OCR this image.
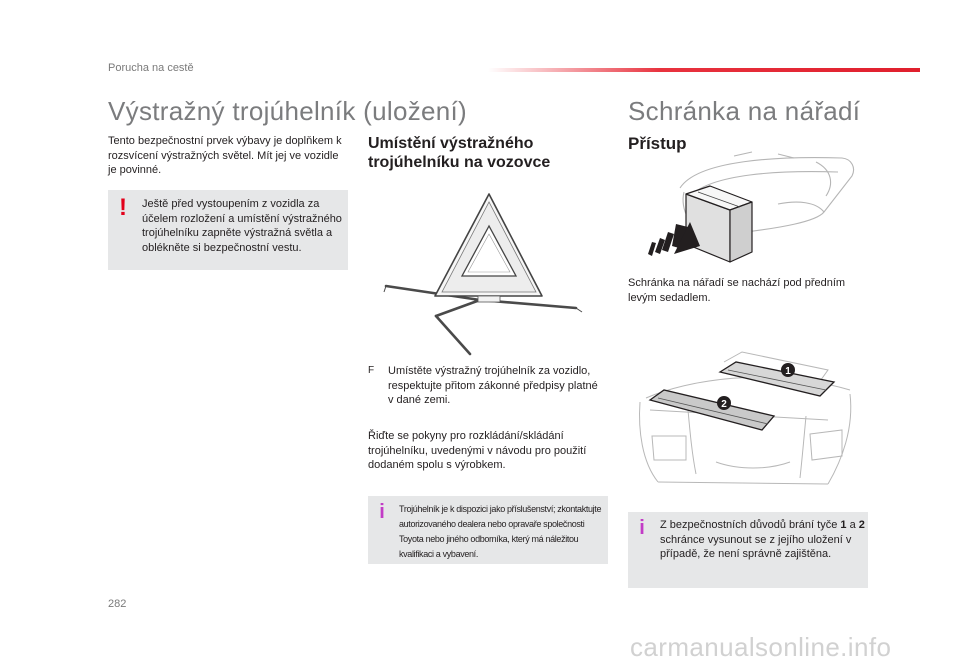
Porucha na cestě
Výstražný trojúhelník (uložení)
Tento bezpečnostní prvek výbavy je doplňkem k rozsvícení výstražných světel. Mít jej ve vozidle je povinné.
! Ještě před vystoupením z vozidla za účelem rozložení a umístění výstražného trojúhelníku zapněte výstražná světla a oblékněte si bezpečnostní vestu.
Umístění výstražného trojúhelníku na vozovce
F Umístěte výstražný trojúhelník za vozidlo, respektujte přitom zákonné předpisy platné v dané zemi.
Řiďte se pokyny pro rozkládání/skládání trojúhelníku, uvedenými v návodu pro použití dodaném spolu s výrobkem.
i Trojúhelník je k dispozici jako příslušenství; zkontaktujte autorizovaného dealera nebo opravaře společnosti Toyota nebo jiného odborníka, který má náležitou kvalifikaci a vybavení.
Schránka na nářadí
Přístup
Schránka na nářadí se nachází pod předním levým sedadlem.
1
2
i Z bezpečnostních důvodů brání tyče 1 a 2 schránce vysunout se z jejího uložení v případě, že není správně zajištěna.
282
carmanualsonline.info
